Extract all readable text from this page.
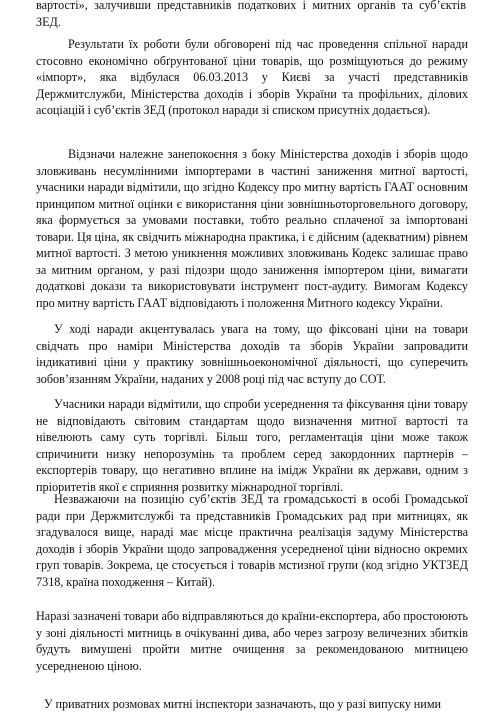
вартості», залучивши представників податкових і митних органів та суб’єктів ЗЕД.

Результати їх роботи були обговорені під час проведення спільної наради стосовно економічно обґрунтованої ціни товарів, що розміщуються до режиму «імпорт», яка відбулася 06.03.2013 у Києві за участі представників Держмитслужби, Міністерства доходів і зборів України та профільних, ділових асоціацій і суб’єктів ЗЕД (протокол наради зі списком присутніх додається).

Відзначи належне занепокоєння з боку Міністерства доходів і зборів щодо зловживань несумлінними імпортерами в частині заниження митної вартості, учасники наради відмітили, що згідно Кодексу про митну вартість ГААТ основним принципом митної оцінки є використання ціни зовнішньоторговельного договору, яка формується за умовами поставки, тобто реально сплаченої за імпортовані товари. Ця ціна, як свідчить міжнародна практика, і є дійсним (адекватним) рівнем митної вартості. З метою уникнення можливих зловживань Кодекс залишає право за митним органом, у разі підозри щодо заниження імпортером ціни, вимагати додаткові докази та використовувати інструмент пост-аудиту. Вимогам Кодексу про митну вартість ГААТ відповідають і положення Митного кодексу України.

У ході наради акцентувалась увага на тому, що фіксовані ціни на товари свідчать про наміри Міністерства доходів та зборів України запровадити індикативні ціни у практику зовнішньоекономічної діяльності, що суперечить зобов’язанням України, наданих у 2008 році під час вступу до СОТ.

Учасники наради відмітили, що спроби усереднення та фіксування ціни товару не відповідають світовим стандартам щодо визначення митної вартості та нівелюють саму суть торгівлі. Більш того, регламентація ціни може також спричинити низку непорозумінь та проблем серед закордонних партнерів – експортерів товару, що негативно вплине на імідж України як держави, одним з пріоритетів якої є сприяння розвитку міжнародної торгівлі.

Незважаючи на позицію суб’єктів ЗЕД та громадськості в особі Громадської ради при Держмитслужбі та представників Громадських рад при митницях, як згадувалося вище, нараді має місце практична реалізація задуму Міністерства доходів і зборів України щодо запровадження усередненої ціни відносно окремих груп товарів. Зокрема, це стосується і товарів мстизної групи (код згідно УКТЗЕД 7318, країна походження – Китай).

Наразі зазначені товари або відправляються до країни-експортера, або простоюють у зоні діяльності митниць в очікуванні дива, або через загрозу величезних збитків будуть вимушені пройти митне очищення за рекомендованою митницею усередненою ціною.

У приватних розмовах митні інспектори зазначають, що у разі випуску ними
